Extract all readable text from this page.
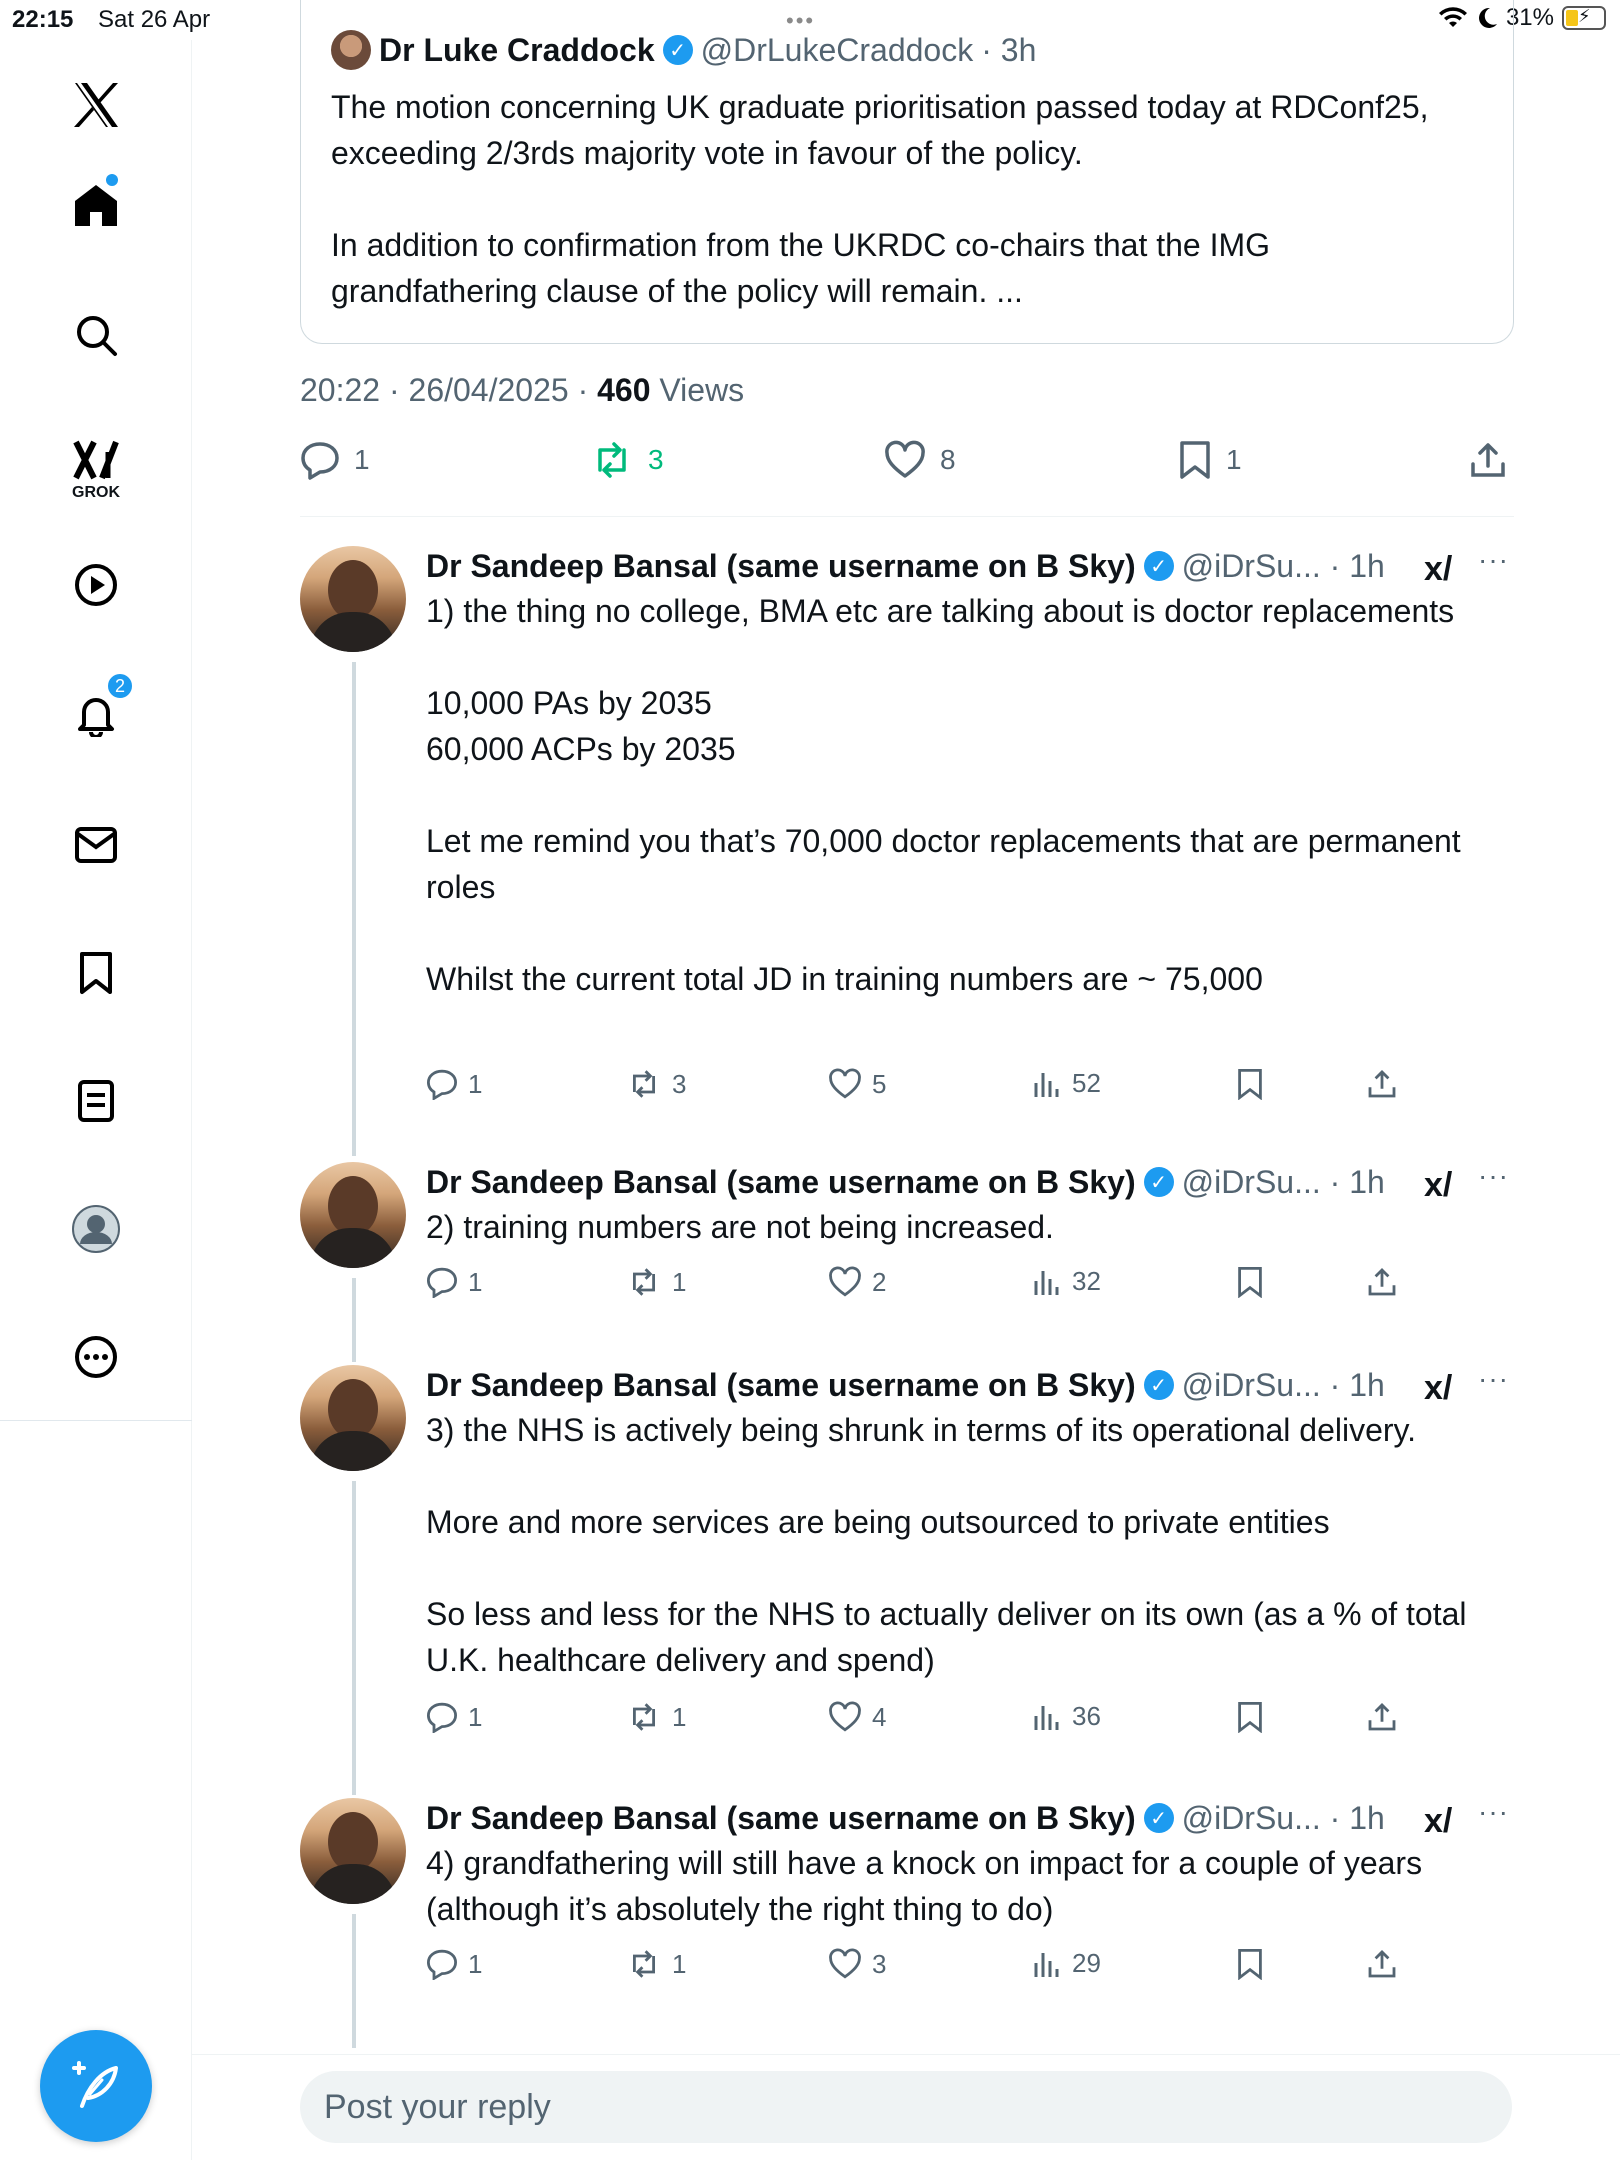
22:15 Sat 26 Apr	•••	31% ⚡
GROK
2
Dr Luke Craddock ✓ @DrLukeCraddock · 3h
The motion concerning UK graduate prioritisation passed today at RDConf25, exceeding 2/3rds majority vote in favour of the policy.

In addition to confirmation from the UKRDC co-chairs that the IMG grandfathering clause of the policy will remain. ...
20:22 · 26/04/2025 · 460 Views
1	3	8	1
Dr Sandeep Bansal (same username on B Sky) ✓ @iDrSu... · 1h x/ ···
1) the thing no college, BMA etc are talking about is doctor replacements

10,000 PAs by 2035
60,000 ACPs by 2035

Let me remind you that’s 70,000 doctor replacements that are permanent roles

Whilst the current total JD in training numbers are ~ 75,000
1	3	5	52
Dr Sandeep Bansal (same username on B Sky) ✓ @iDrSu... · 1h x/ ···
2) training numbers are not being increased.
1	1	2	32
Dr Sandeep Bansal (same username on B Sky) ✓ @iDrSu... · 1h x/ ···
3) the NHS is actively being shrunk in terms of its operational delivery.

More and more services are being outsourced to private entities

So less and less for the NHS to actually deliver on its own (as a % of total U.K. healthcare delivery and spend)
1	1	4	36
Dr Sandeep Bansal (same username on B Sky) ✓ @iDrSu... · 1h x/ ···
4) grandfathering will still have a knock on impact for a couple of years (although it’s absolutely the right thing to do)
1	1	3	29
Post your reply
